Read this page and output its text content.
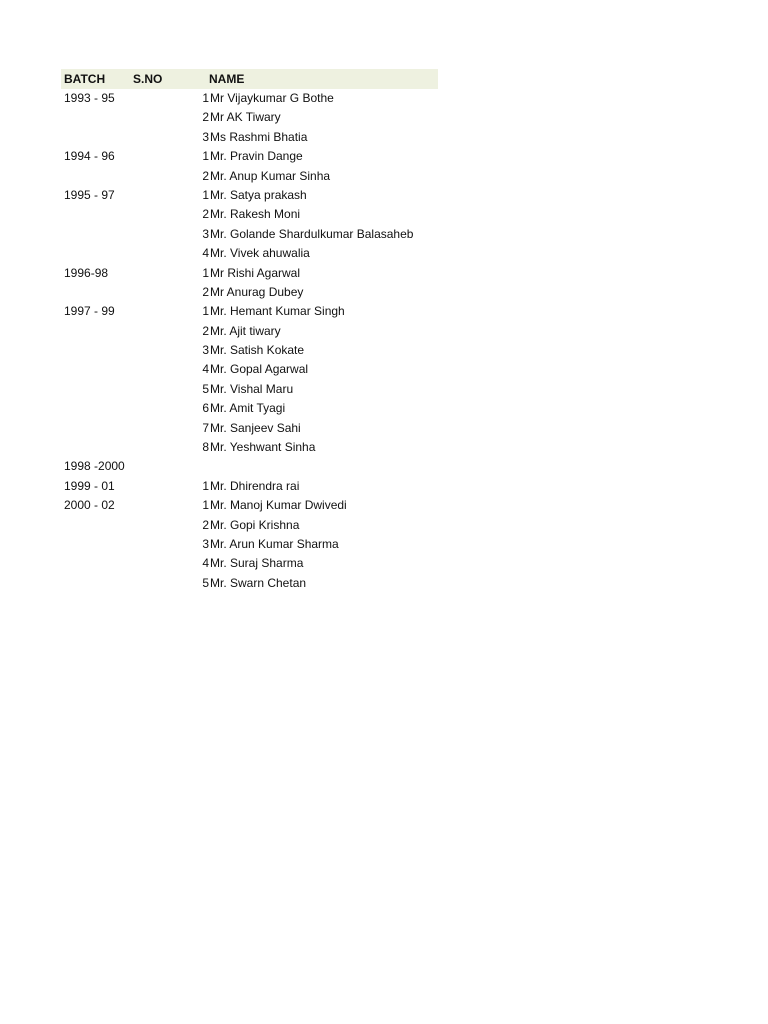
BATCH S.NO	NAME
1993 - 95	1 Mr Vijaykumar G Bothe
2 Mr AK Tiwary
3 Ms Rashmi Bhatia
1994 - 96	1 Mr. Pravin Dange
2 Mr. Anup Kumar Sinha
1995 - 97	1 Mr. Satya prakash
2 Mr. Rakesh Moni
3 Mr. Golande Shardulkumar Balasaheb
4 Mr. Vivek ahuwalia
1996-98	1 Mr Rishi Agarwal
2 Mr Anurag Dubey
1997 - 99	1 Mr. Hemant Kumar Singh
2 Mr. Ajit tiwary
3 Mr. Satish Kokate
4 Mr. Gopal Agarwal
5 Mr. Vishal Maru
6 Mr. Amit Tyagi
7 Mr. Sanjeev Sahi
8 Mr. Yeshwant Sinha
1998 -2000
1999 - 01	1 Mr. Dhirendra rai
2000 - 02	1 Mr. Manoj Kumar Dwivedi
2 Mr. Gopi Krishna
3 Mr. Arun Kumar Sharma
4 Mr. Suraj Sharma
5 Mr. Swarn Chetan
